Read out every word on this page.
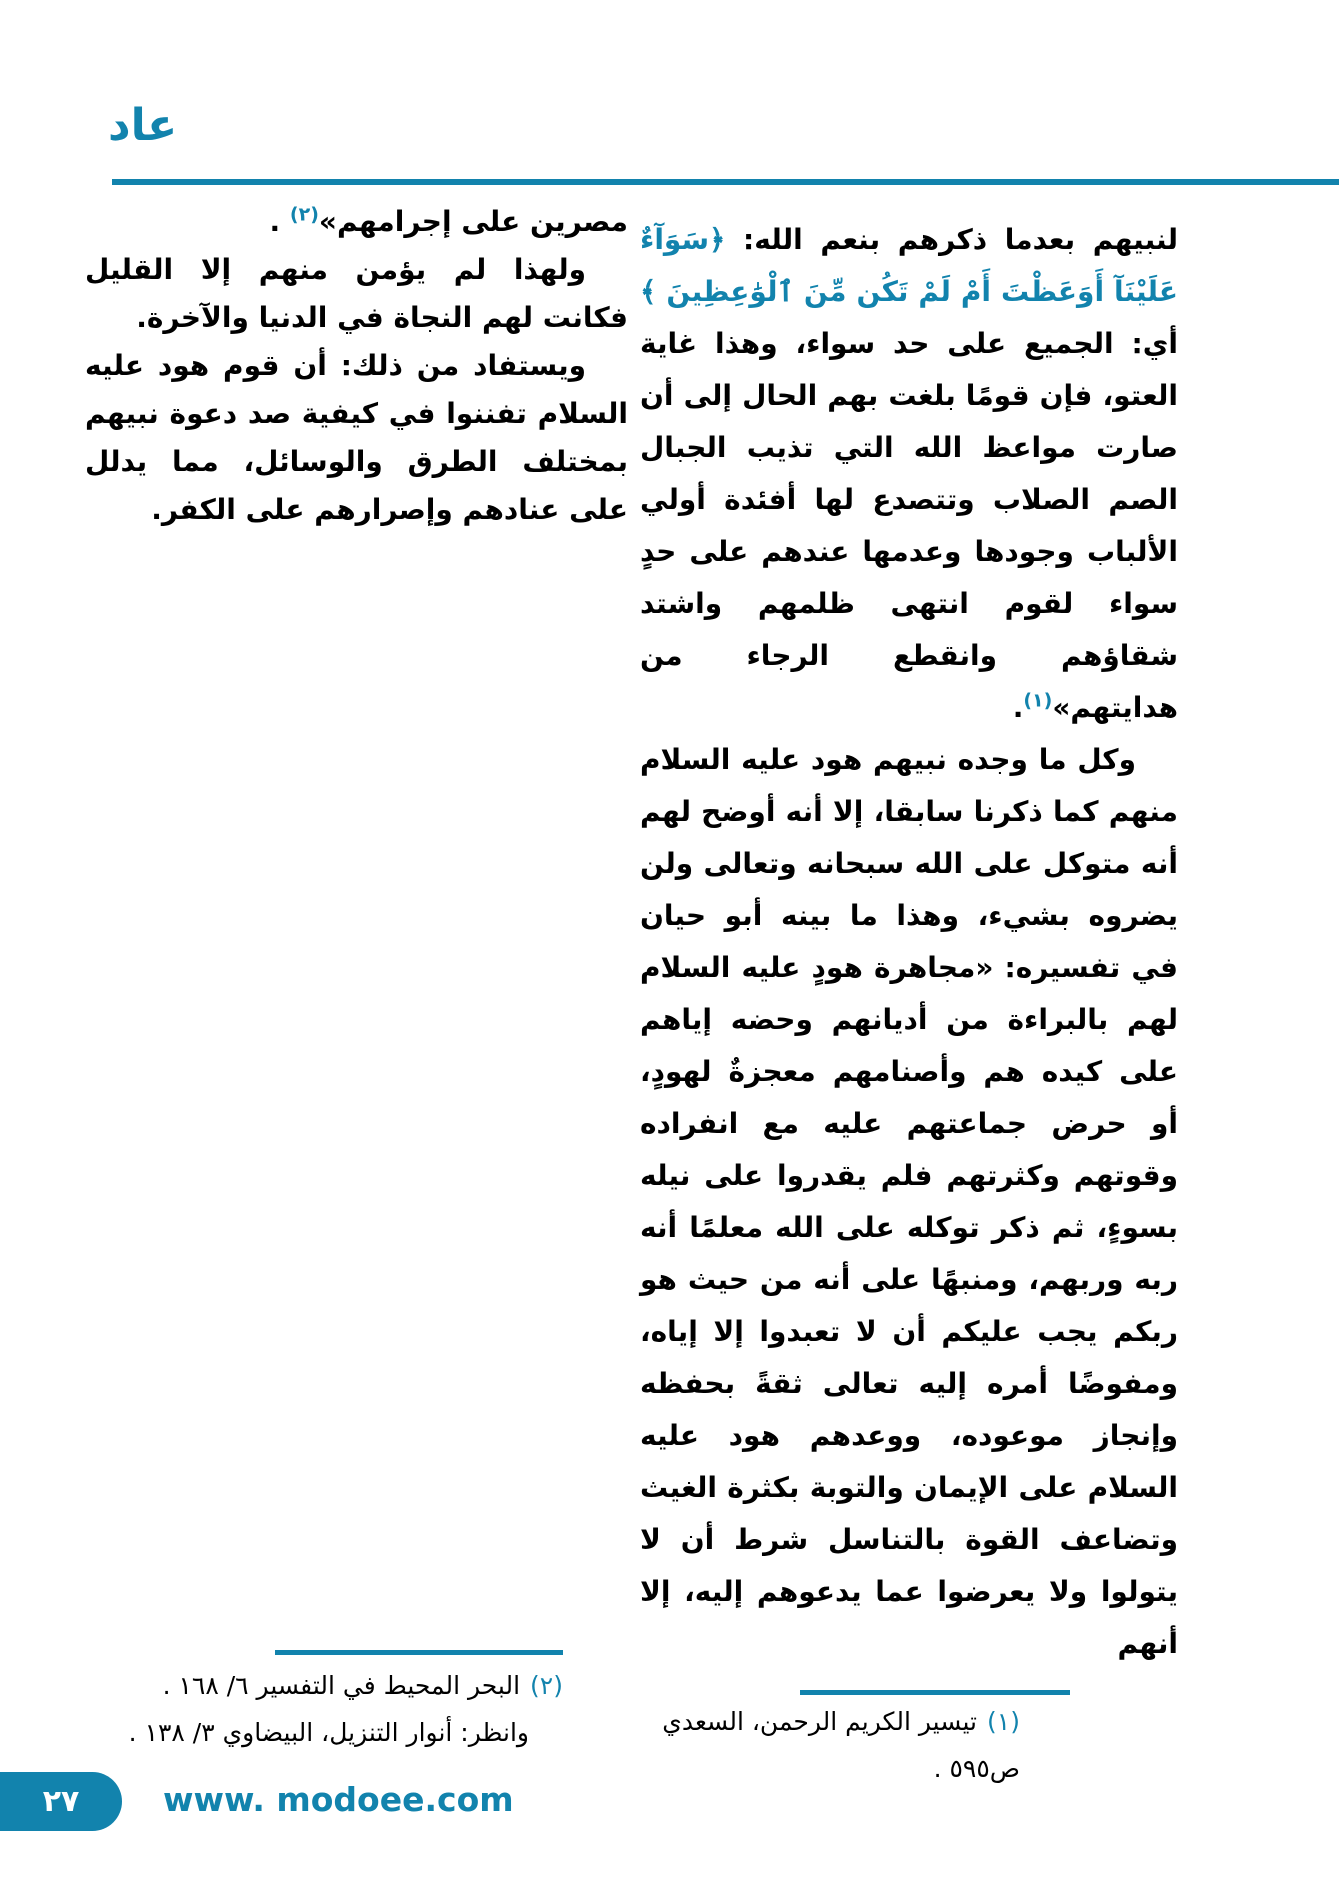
عاد

لنبيهم بعدما ذكرهم بنعم الله: ﴿سَوَآءٌ عَلَيْنَآ أَوَعَظْتَ أَمْ لَمْ تَكُن مِّنَ ٱلْوَٰعِظِينَ ﴾ أي: الجميع على حد سواء، وهذا غاية العتو، فإن قومًا بلغت بهم الحال إلى أن صارت مواعظ الله التي تذيب الجبال الصم الصلاب وتتصدع لها أفئدة أولي الألباب وجودها وعدمها عندهم على حدٍ سواء لقوم انتهى ظلمهم واشتد شقاؤهم وانقطع الرجاء من هدايتهم»$^{(١)}$.

وكل ما وجده نبيهم هود عليه السلام منهم كما ذكرنا سابقا، إلا أنه أوضح لهم أنه متوكل على الله سبحانه وتعالى ولن يضروه بشيء، وهذا ما بينه أبو حيان في تفسيره: «مجاهرة هودٍ عليه السلام لهم بالبراءة من أديانهم وحضه إياهم على كيده هم وأصنامهم معجزةٌ لهودٍ، أو حرض جماعتهم عليه مع انفراده وقوتهم وكثرتهم فلم يقدروا على نيله بسوءٍ، ثم ذكر توكله على الله معلمًا أنه ربه وربهم، ومنبهًا على أنه من حيث هو ربكم يجب عليكم أن لا تعبدوا إلا إياه، ومفوضًا أمره إليه تعالى ثقةً بحفظه وإنجاز موعوده، ووعدهم هود عليه السلام على الإيمان والتوبة بكثرة الغيث وتضاعف القوة بالتناسل شرط أن لا يتولوا ولا يعرضوا عما يدعوهم إليه، إلا أنهم

مصرين على إجرامهم»$^{(٢)}$ .

ولهذا لم يؤمن منهم إلا القليل فكانت لهم النجاة في الدنيا والآخرة.

ويستفاد من ذلك: أن قوم هود عليه السلام تفننوا في كيفية صد دعوة نبيهم بمختلف الطرق والوسائل، مما يدلل على عنادهم وإصرارهم على الكفر.

(٢)البحر المحيط في التفسير ٦/ ١٦٨ .
وانظر: أنوار التنزيل، البيضاوي ٣/ ١٣٨ .	(١)تيسير الكريم الرحمن، السعدي ص٥٩٥ .
٢٧	www. modoee.com
